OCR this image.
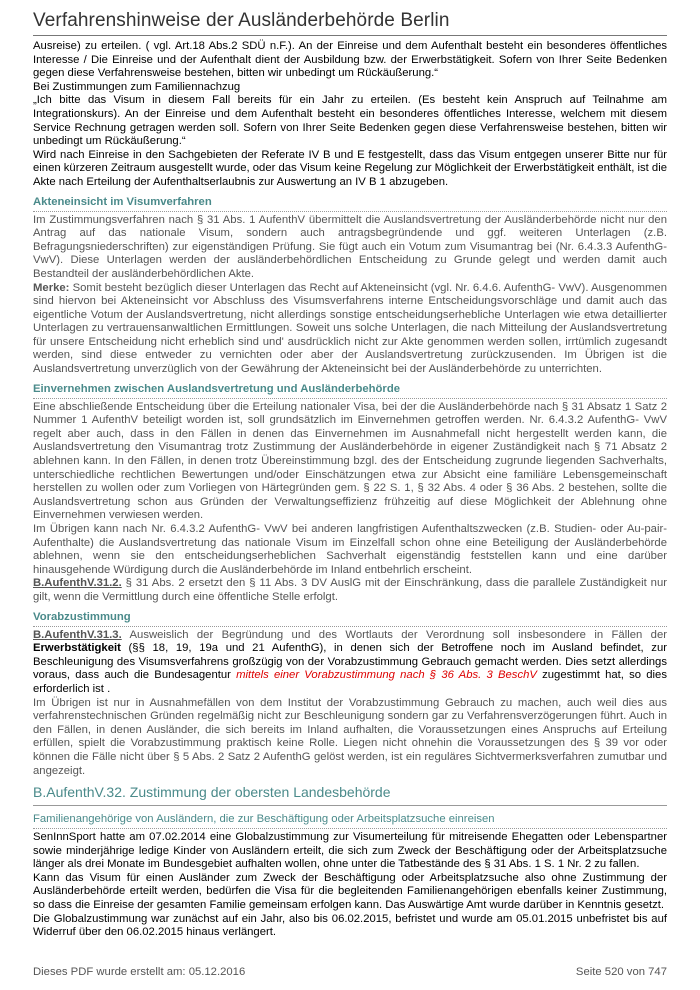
Verfahrenshinweise der Ausländerbehörde Berlin

Ausreise) zu erteilen. ( vgl. Art.18 Abs.2 SDÜ n.F.). An der Einreise und dem Aufenthalt besteht ein besonderes öffentliches Interesse / Die Einreise und der Aufenthalt dient der Ausbildung bzw. der Erwerbstätigkeit. Sofern von Ihrer Seite Bedenken gegen diese Verfahrensweise bestehen, bitten wir unbedingt um Rückäußerung.“

Bei Zustimmungen zum Familiennachzug

„Ich bitte das Visum in diesem Fall bereits für ein Jahr zu erteilen. (Es besteht kein Anspruch auf Teilnahme am Integrationskurs). An der Einreise und dem Aufenthalt besteht ein besonderes öffentliches Interesse, welchem mit diesem Service Rechnung getragen werden soll. Sofern von Ihrer Seite Bedenken gegen diese Verfahrensweise bestehen, bitten wir unbedingt um Rückäußerung.“

Wird nach Einreise in den Sachgebieten der Referate IV B und E festgestellt, dass das Visum entgegen unserer Bitte nur für einen kürzeren Zeitraum ausgestellt wurde, oder das Visum keine Regelung zur Möglichkeit der Erwerbstätigkeit enthält, ist die Akte nach Erteilung der Aufenthaltserlaubnis zur Auswertung an IV B 1 abzugeben.

Akteneinsicht im Visumverfahren

Im Zustimmungsverfahren nach § 31 Abs. 1 AufenthV übermittelt die Auslandsvertretung der Ausländerbehörde nicht nur den Antrag auf das nationale Visum, sondern auch antragsbegründende und ggf. weiteren Unterlagen (z.B. Befragungsniederschriften) zur eigenständigen Prüfung. Sie fügt auch ein Votum zum Visumantrag bei (Nr. 6.4.3.3 AufenthG- VwV). Diese Unterlagen werden der ausländerbehördlichen Entscheidung zu Grunde gelegt und werden damit auch Bestandteil der ausländerbehördlichen Akte.

Merke: Somit besteht bezüglich dieser Unterlagen das Recht auf Akteneinsicht (vgl. Nr. 6.4.6. AufenthG- VwV). Ausgenommen sind hiervon bei Akteneinsicht vor Abschluss des Visumsverfahrens interne Entscheidungsvorschläge und damit auch das eigentliche Votum der Auslandsvertretung, nicht allerdings sonstige entscheidungserhebliche Unterlagen wie etwa detaillierter Unterlagen zu vertrauensanwaltlichen Ermittlungen. Soweit uns solche Unterlagen, die nach Mitteilung der Auslandsvertretung für unsere Entscheidung nicht erheblich sind und' ausdrücklich nicht zur Akte genommen werden sollen, irrtümlich zugesandt werden, sind diese entweder zu vernichten oder aber der Auslandsvertretung zurückzusenden. Im Übrigen ist die Auslandsvertretung unverzüglich von der Gewährung der Akteneinsicht bei der Ausländerbehörde zu unterrichten.

Einvernehmen zwischen Auslandsvertretung und Ausländerbehörde

Eine abschließende Entscheidung über die Erteilung nationaler Visa, bei der die Ausländerbehörde nach § 31 Absatz 1 Satz 2 Nummer 1 AufenthV beteiligt worden ist, soll grundsätzlich im Einvernehmen getroffen werden. Nr. 6.4.3.2 AufenthG- VwV regelt aber auch, dass in den Fällen in denen das Einvernehmen im Ausnahmefall nicht hergestellt werden kann, die Auslandsvertretung den Visumantrag trotz Zustimmung der Ausländerbehörde in eigener Zuständigkeit nach § 71 Absatz 2 ablehnen kann. In den Fällen, in denen trotz Übereinstimmung bzgl. des der Entscheidung zugrunde liegenden Sachverhalts, unterschiedliche rechtlichen Bewertungen und/oder Einschätzungen etwa zur Absicht eine familiäre Lebensgemeinschaft herstellen zu wollen oder zum Vorliegen von Härtegründen gem. § 22 S. 1, § 32 Abs. 4 oder § 36 Abs. 2 bestehen, sollte die Auslandsvertretung schon aus Gründen der Verwaltungseffizienz frühzeitig auf diese Möglichkeit der Ablehnung ohne Einvernehmen verwiesen werden.

Im Übrigen kann nach Nr. 6.4.3.2 AufenthG- VwV bei anderen langfristigen Aufenthaltszwecken (z.B. Studien- oder Au-pair-Aufenthalte) die Auslandsvertretung das nationale Visum im Einzelfall schon ohne eine Beteiligung der Ausländerbehörde ablehnen, wenn sie den entscheidungserheblichen Sachverhalt eigenständig feststellen kann und eine darüber hinausgehende Würdigung durch die Ausländerbehörde im Inland entbehrlich erscheint.

B.AufenthV.31.2. § 31 Abs. 2 ersetzt den § 11 Abs. 3 DV AuslG mit der Einschränkung, dass die parallele Zuständigkeit nur gilt, wenn die Vermittlung durch eine öffentliche Stelle erfolgt.

Vorabzustimmung

B.AufenthV.31.3. Ausweislich der Begründung und des Wortlauts der Verordnung soll insbesondere in Fällen der Erwerbstätigkeit (§§ 18, 19, 19a und 21 AufenthG), in denen sich der Betroffene noch im Ausland befindet, zur Beschleunigung des Visumsverfahrens großzügig von der Vorabzustimmung Gebrauch gemacht werden. Dies setzt allerdings voraus, dass auch die Bundesagentur mittels einer Vorabzustimmung nach § 36 Abs. 3 BeschV zugestimmt hat, so dies erforderlich ist .

Im Übrigen ist nur in Ausnahmefällen von dem Institut der Vorabzustimmung Gebrauch zu machen, auch weil dies aus verfahrenstechnischen Gründen regelmäßig nicht zur Beschleunigung sondern gar zu Verfahrensverzögerungen führt. Auch in den Fällen, in denen Ausländer, die sich bereits im Inland aufhalten, die Voraussetzungen eines Anspruchs auf Erteilung erfüllen, spielt die Vorabzustimmung praktisch keine Rolle. Liegen nicht ohnehin die Voraussetzungen des § 39 vor oder können die Fälle nicht über § 5 Abs. 2 Satz 2 AufenthG gelöst werden, ist ein reguläres Sichtvermerksverfahren zumutbar und angezeigt.

B.AufenthV.32. Zustimmung der obersten Landesbehörde
Familienangehörige von Ausländern, die zur Beschäftigung oder Arbeitsplatzsuche einreisen

SenInnSport hatte am 07.02.2014 eine Globalzustimmung zur Visumerteilung für mitreisende Ehegatten oder Lebenspartner sowie minderjährige ledige Kinder von Ausländern erteilt, die sich zum Zweck der Beschäftigung oder der Arbeitsplatzsuche länger als drei Monate im Bundesgebiet aufhalten wollen, ohne unter die Tatbestände des § 31 Abs. 1 S. 1 Nr. 2 zu fallen.

Kann das Visum für einen Ausländer zum Zweck der Beschäftigung oder Arbeitsplatzsuche also ohne Zustimmung der Ausländerbehörde erteilt werden, bedürfen die Visa für die begleitenden Familienangehörigen ebenfalls keiner Zustimmung, so dass die Einreise der gesamten Familie gemeinsam erfolgen kann. Das Auswärtige Amt wurde darüber in Kenntnis gesetzt.

Die Globalzustimmung war zunächst auf ein Jahr, also bis 06.02.2015, befristet und wurde am 05.01.2015 unbefristet bis auf Widerruf über den 06.02.2015 hinaus verlängert.

Dieses PDF wurde erstellt am: 05.12.2016	Seite 520 von 747
